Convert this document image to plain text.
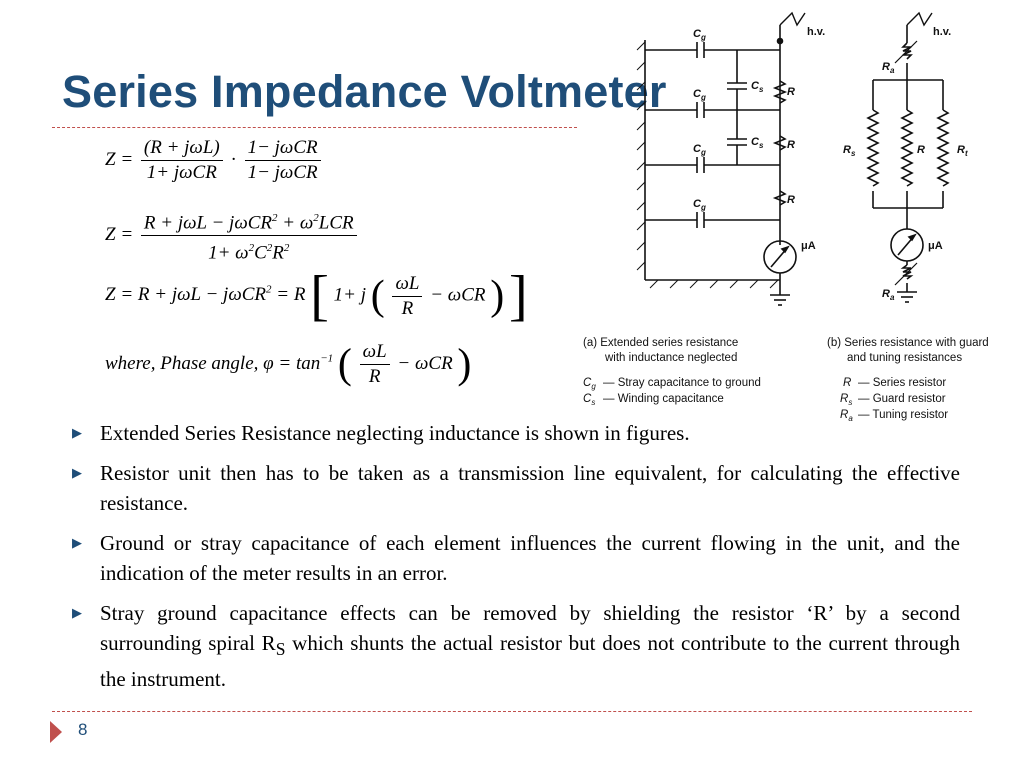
Series Impedance Voltmeter
$Z = \frac{\text{(R + jωL)}}{\text{1+ jωCR}} \cdot \frac{\text{1− jωCR}}{\text{1− jωCR}}$
$Z = \frac{R + j\omega L - j\omega CR^2 + \omega^2LCR}{1+ \omega^2C^2R^2}$
Z = R + jωL − jωCR$^2$ = R [ 1+ j ( $\frac{\omega L}{R} - \omega CR$ ) ]
where, Phase angle, $\varphi = \tan^{-1}$ ( $\frac{\omega L}{R} - \omega CR$ )
h.v.	h.v.
$C_g$
$C_g$
$C_g$
$C_g$
$C_s$
$C_s$
R
R
R
μA
$R_a$
$R_s$	R	$R_t$
μA
$R_a$
(a) Extended series resistance
with inductance neglected
(b) Series resistance with guard
and tuning resistances
$C_g$ — Stray capacitance to ground
$C_s$ — Winding capacitance
R — Series resistor
$R_s$ — Guard resistor
$R_a$ — Tuning resistor
▶ Extended Series Resistance neglecting inductance is shown in figures.
▶ Resistor unit then has to be taken as a transmission line equivalent, for calculating the effective resistance.
▶ Ground or stray capacitance of each element influences the current flowing in the unit, and the indication of the meter results in an error.
▶ Stray ground capacitance effects can be removed by shielding the resistor ‘R’ by a second surrounding spiral $R_S$ which shunts the actual resistor but does not contribute to the current through the instrument.
8
